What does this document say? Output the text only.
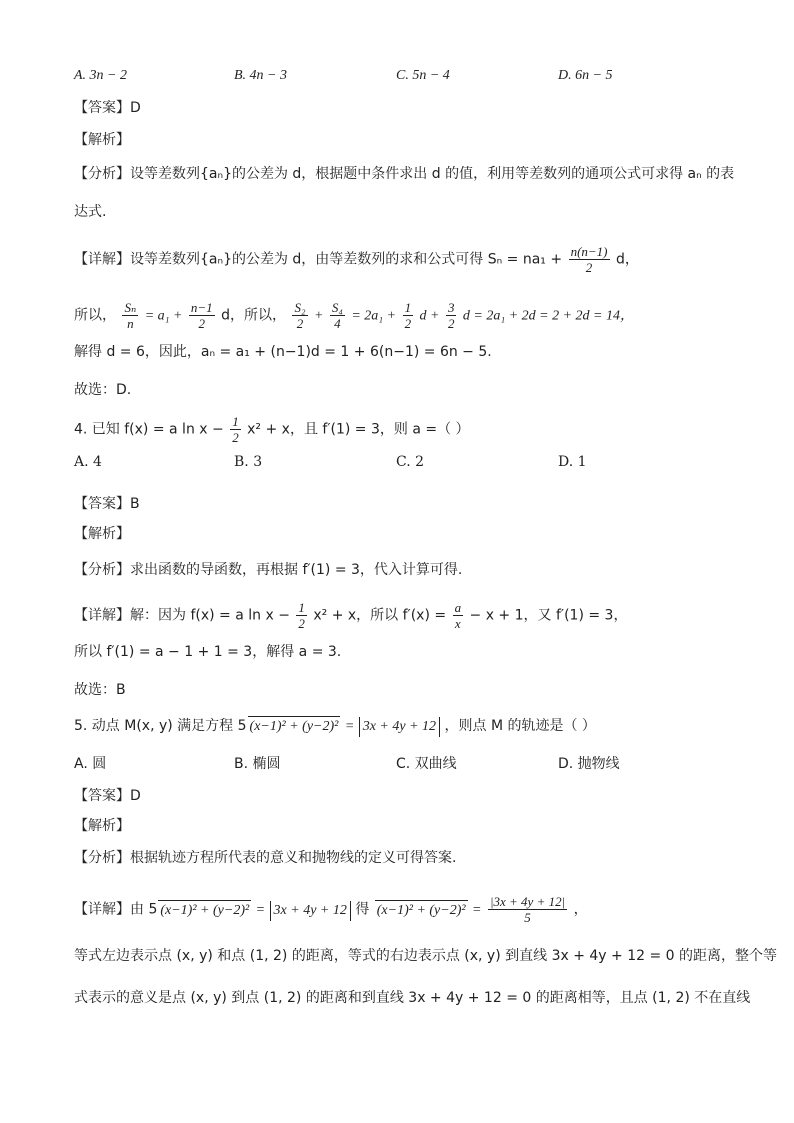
A. 3n − 2	B. 4n − 3	C. 5n − 4	D. 6n − 5
【答案】D
【解析】
【分析】设等差数列{aₙ}的公差为 d，根据题中条件求出 d 的值，利用等差数列的通项公式可求得 aₙ 的表
达式.
【详解】设等差数列{aₙ}的公差为 d，由等差数列的求和公式可得 $S_n = na_1 + \frac{n(n-1)}{2}$ d，
所以， $\frac{\text{Sₙ}}{n} = a_1 + \frac{n-1}{2}$ d，所以， $\frac{\text{S₂}}{2} + \frac{\text{S₄}}{4} = 2a_1 + \frac{1}{2}$ $d + \frac{3}{2}$ d = 2a₁ + 2d = 2 + 2d = 14，
解得 d = 6，因此，aₙ = a₁ + (n−1)d = 1 + 6(n−1) = 6n − 5.
故选：D.
4. 已知 f(x) = a $\ln x - \frac{1}{2} x^2 + x$，且 f′(1) = 3，则 a =（ ）
A. 4	B. 3	C. 2	D. 1
【答案】B
【解析】
【分析】求出函数的导函数，再根据 f′(1) = 3，代入计算可得.
【详解】解：因为 f(x) = a $\ln x - \frac{1}{2} x^2 + x$，所以 $f'(x) = \frac{a}{x} - x + 1$，又 f′(1) = 3，
所以 f′(1) = a − 1 + 1 = 3，解得 a = 3.
故选：B
5. 动点 M(x, y) 满足方程 5 (x−1)² + (y−2)² = 3x + 4y + 12 ，则点 M 的轨迹是（ ）
A. 圆	B. 椭圆	C. 双曲线	D. 抛物线
【答案】D
【解析】
【分析】根据轨迹方程所代表的意义和抛物线的定义可得答案.
【详解】由 5 (x−1)² + (y−2)² = 3x + 4y + 12 得 $(x-1)^2 + (y-2)^2 = \frac{|3x + 4y + 12|}{5}$ ，
等式左边表示点 (x, y) 和点 (1, 2) 的距离，等式的右边表示点 (x, y) 到直线 3x + 4y + 12 = 0 的距离，整个等
式表示的意义是点 (x, y) 到点 (1, 2) 的距离和到直线 3x + 4y + 12 = 0 的距离相等，且点 (1, 2) 不在直线
